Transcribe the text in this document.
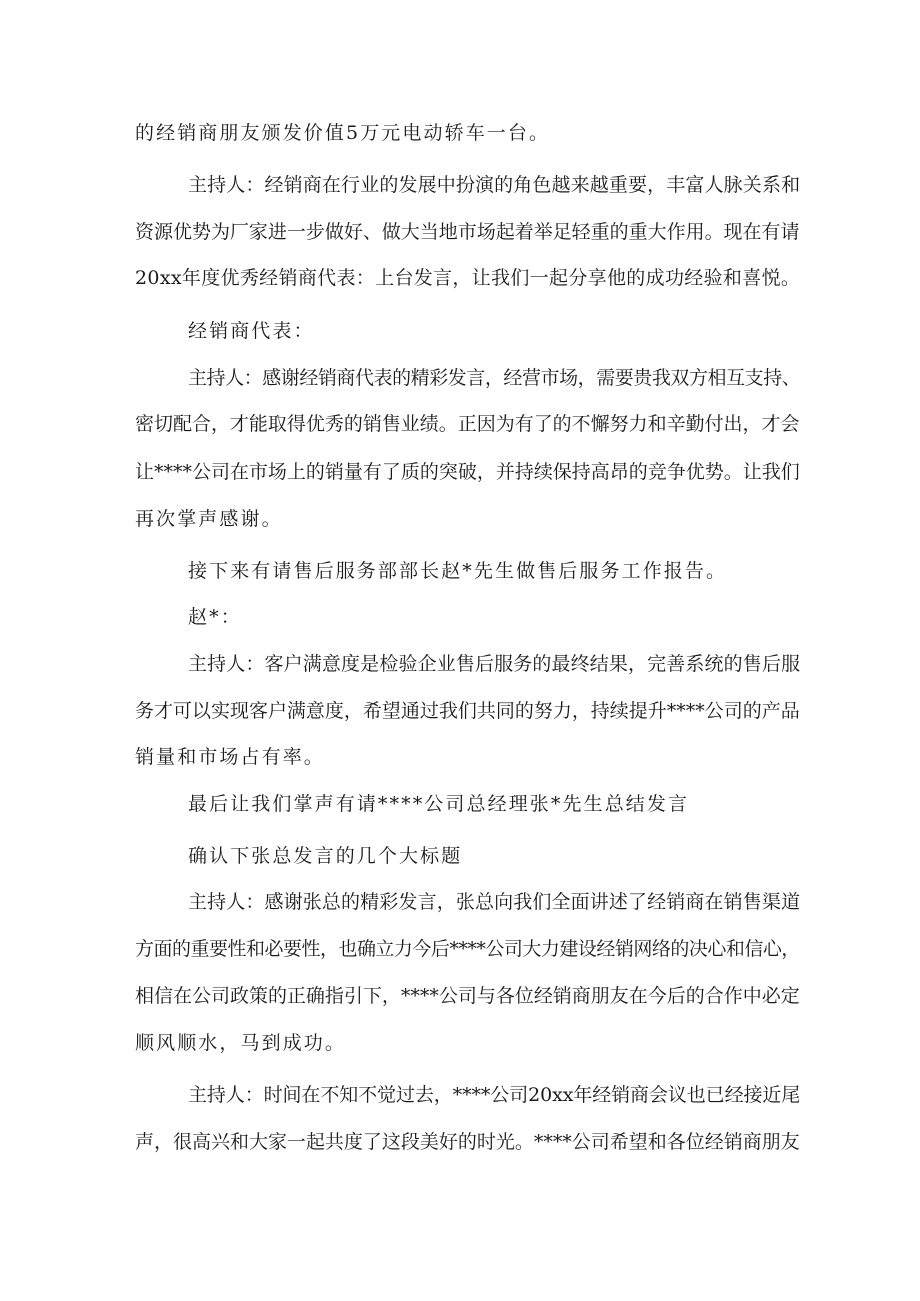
的经销商朋友颁发价值5万元电动轿车一台。
主持人：经销商在行业的发展中扮演的角色越来越重要，丰富人脉关系和
资源优势为厂家进一步做好、做大当地市场起着举足轻重的重大作用。现在有请
20xx年度优秀经销商代表：上台发言，让我们一起分享他的成功经验和喜悦。
经销商代表：
主持人：感谢经销商代表的精彩发言，经营市场，需要贵我双方相互支持、
密切配合，才能取得优秀的销售业绩。正因为有了的不懈努力和辛勤付出，才会
让****公司在市场上的销量有了质的突破，并持续保持高昂的竞争优势。让我们
再次掌声感谢。
接下来有请售后服务部部长赵*先生做售后服务工作报告。
赵*：
主持人：客户满意度是检验企业售后服务的最终结果，完善系统的售后服
务才可以实现客户满意度，希望通过我们共同的努力，持续提升****公司的产品
销量和市场占有率。
最后让我们掌声有请****公司总经理张*先生总结发言
确认下张总发言的几个大标题
主持人：感谢张总的精彩发言，张总向我们全面讲述了经销商在销售渠道
方面的重要性和必要性，也确立力今后****公司大力建设经销网络的决心和信心，
相信在公司政策的正确指引下，****公司与各位经销商朋友在今后的合作中必定
顺风顺水，马到成功。
主持人：时间在不知不觉过去，****公司20xx年经销商会议也已经接近尾
声，很高兴和大家一起共度了这段美好的时光。****公司希望和各位经销商朋友
